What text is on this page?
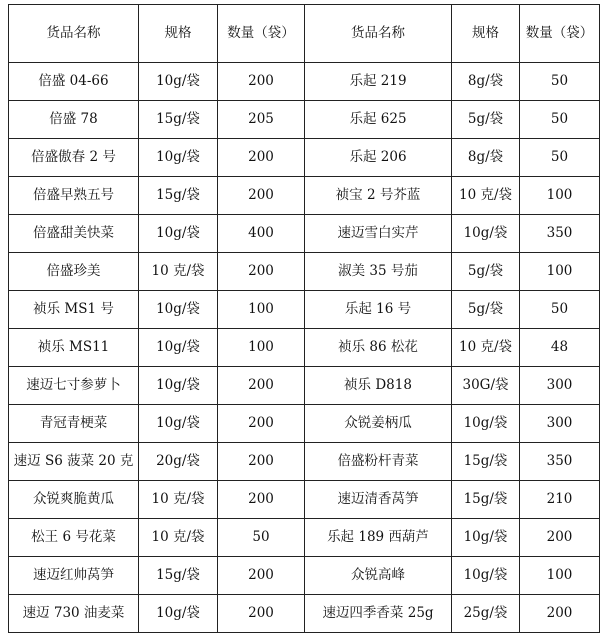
货品名称	规格	数量（袋）	货品名称	规格	数量（袋）
倍盛 04-66	10g/袋	200	乐起 219	8g/袋	50
倍盛 78	15g/袋	205	乐起 625	5g/袋	50
倍盛傲春 2 号	10g/袋	200	乐起 206	8g/袋	50
倍盛早熟五号	15g/袋	200	祯宝 2 号芥蓝	10 克/袋	100
倍盛甜美快菜	10g/袋	400	速迈雪白实芹	10g/袋	350
倍盛珍美	10 克/袋	200	淑美 35 号茄	5g/袋	100
祯乐 MS1 号	10g/袋	100	乐起 16 号	5g/袋	50
祯乐 MS11	10g/袋	100	祯乐 86 松花	10 克/袋	48
速迈七寸参萝卜	10g/袋	200	祯乐 D818	30G/袋	300
青冠青梗菜	10g/袋	200	众锐姜柄瓜	10g/袋	300
速迈 S6 菠菜 20 克	20g/袋	200	倍盛粉杆青菜	15g/袋	350
众锐爽脆黄瓜	10 克/袋	200	速迈清香莴笋	15g/袋	210
松王 6 号花菜	10 克/袋	50	乐起 189 西葫芦	10g/袋	200
速迈红帅莴笋	15g/袋	200	众锐高峰	10g/袋	100
速迈 730 油麦菜	10g/袋	200	速迈四季香菜 25g	25g/袋	200
